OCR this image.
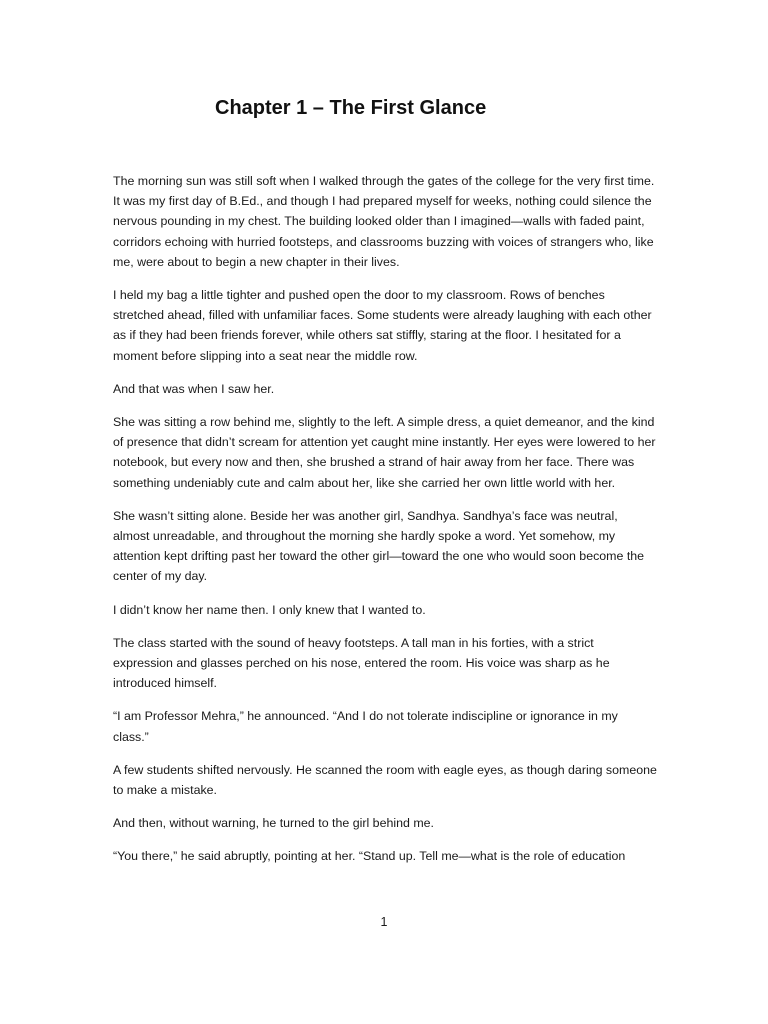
Chapter 1 – The First Glance

The morning sun was still soft when I walked through the gates of the college for the very first time. It was my first day of B.Ed., and though I had prepared myself for weeks, nothing could silence the nervous pounding in my chest. The building looked older than I imagined—walls with faded paint, corridors echoing with hurried footsteps, and classrooms buzzing with voices of strangers who, like me, were about to begin a new chapter in their lives.

I held my bag a little tighter and pushed open the door to my classroom. Rows of benches stretched ahead, filled with unfamiliar faces. Some students were already laughing with each other as if they had been friends forever, while others sat stiffly, staring at the floor. I hesitated for a moment before slipping into a seat near the middle row.

And that was when I saw her.

She was sitting a row behind me, slightly to the left. A simple dress, a quiet demeanor, and the kind of presence that didn’t scream for attention yet caught mine instantly. Her eyes were lowered to her notebook, but every now and then, she brushed a strand of hair away from her face. There was something undeniably cute and calm about her, like she carried her own little world with her.

She wasn’t sitting alone. Beside her was another girl, Sandhya. Sandhya’s face was neutral, almost unreadable, and throughout the morning she hardly spoke a word. Yet somehow, my attention kept drifting past her toward the other girl—toward the one who would soon become the center of my day.

I didn’t know her name then. I only knew that I wanted to.

The class started with the sound of heavy footsteps. A tall man in his forties, with a strict expression and glasses perched on his nose, entered the room. His voice was sharp as he introduced himself.

“I am Professor Mehra,” he announced. “And I do not tolerate indiscipline or ignorance in my class.”

A few students shifted nervously. He scanned the room with eagle eyes, as though daring someone to make a mistake.

And then, without warning, he turned to the girl behind me.

“You there,” he said abruptly, pointing at her. “Stand up. Tell me—what is the role of education

1
